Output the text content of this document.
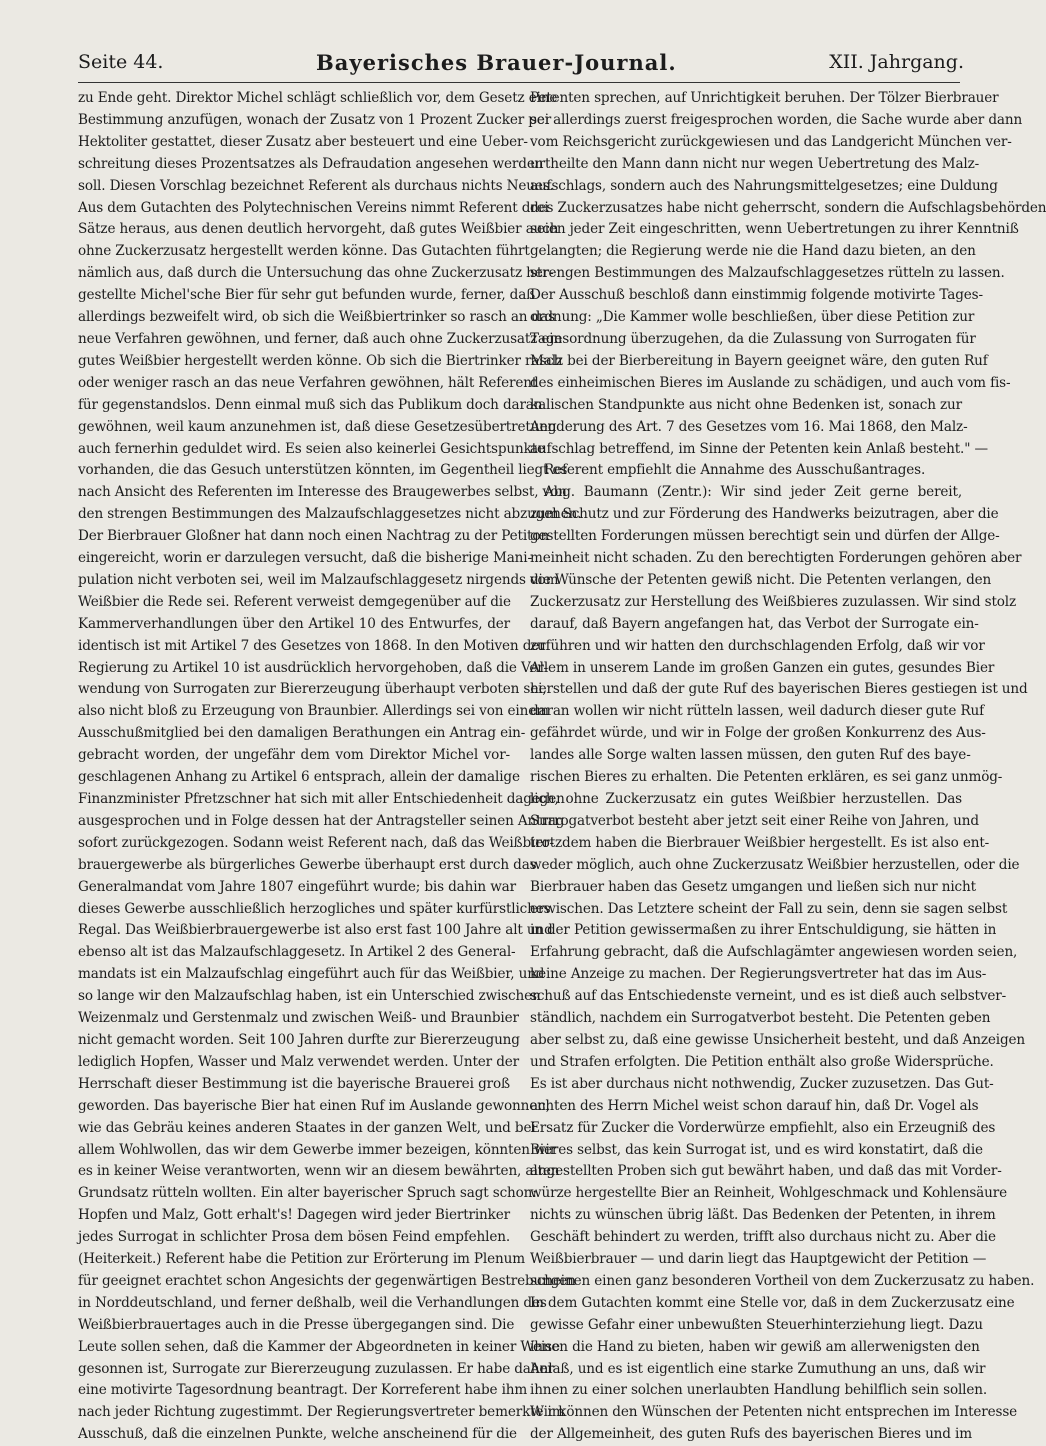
Seite 44.	Bayerisches Brauer-Journal.	XII. Jahrgang.
zu Ende geht. Direktor Michel schlägt schließlich vor, dem Gesetz eine
Bestimmung anzufügen, wonach der Zusatz von 1 Prozent Zucker per
Hektoliter gestattet, dieser Zusatz aber besteuert und eine Ueber-
schreitung dieses Prozentsatzes als Defraudation angesehen werden
soll. Diesen Vorschlag bezeichnet Referent als durchaus nichts Neues.
Aus dem Gutachten des Polytechnischen Vereins nimmt Referent drei
Sätze heraus, aus denen deutlich hervorgeht, daß gutes Weißbier auch
ohne Zuckerzusatz hergestellt werden könne. Das Gutachten führt
nämlich aus, daß durch die Untersuchung das ohne Zuckerzusatz her-
gestellte Michel'sche Bier für sehr gut befunden wurde, ferner, daß
allerdings bezweifelt wird, ob sich die Weißbiertrinker so rasch an das
neue Verfahren gewöhnen, und ferner, daß auch ohne Zuckerzusatz ein
gutes Weißbier hergestellt werden könne. Ob sich die Biertrinker rasch
oder weniger rasch an das neue Verfahren gewöhnen, hält Referent
für gegenstandslos. Denn einmal muß sich das Publikum doch daran
gewöhnen, weil kaum anzunehmen ist, daß diese Gesetzesübertretung
auch fernerhin geduldet wird. Es seien also keinerlei Gesichtspunkte
vorhanden, die das Gesuch unterstützen könnten, im Gegentheil liegt es
nach Ansicht des Referenten im Interesse des Braugewerbes selbst, von
den strengen Bestimmungen des Malzaufschlaggesetzes nicht abzugehen.
Der Bierbrauer Gloßner hat dann noch einen Nachtrag zu der Petiton
eingereicht, worin er darzulegen versucht, daß die bisherige Mani-
pulation nicht verboten sei, weil im Malzaufschlaggesetz nirgends vom
Weißbier die Rede sei. Referent verweist demgegenüber auf die
Kammerverhandlungen über den Artikel 10 des Entwurfes, der
identisch ist mit Artikel 7 des Gesetzes von 1868. In den Motiven der
Regierung zu Artikel 10 ist ausdrücklich hervorgehoben, daß die Ver-
wendung von Surrogaten zur Biererzeugung überhaupt verboten sei,
also nicht bloß zu Erzeugung von Braunbier. Allerdings sei von einem
Ausschußmitglied bei den damaligen Berathungen ein Antrag ein-
gebracht worden, der ungefähr dem vom Direktor Michel vor-
geschlagenen Anhang zu Artikel 6 entsprach, allein der damalige
Finanzminister Pfretzschner hat sich mit aller Entschiedenheit dagegen
ausgesprochen und in Folge dessen hat der Antragsteller seinen Antrag
sofort zurückgezogen. Sodann weist Referent nach, daß das Weißbier-
brauergewerbe als bürgerliches Gewerbe überhaupt erst durch das
Generalmandat vom Jahre 1807 eingeführt wurde; bis dahin war
dieses Gewerbe ausschließlich herzogliches und später kurfürstliches
Regal. Das Weißbierbrauergewerbe ist also erst fast 100 Jahre alt und
ebenso alt ist das Malzaufschlaggesetz. In Artikel 2 des General-
mandats ist ein Malzaufschlag eingeführt auch für das Weißbier, und
so lange wir den Malzaufschlag haben, ist ein Unterschied zwischen
Weizenmalz und Gerstenmalz und zwischen Weiß- und Braunbier
nicht gemacht worden. Seit 100 Jahren durfte zur Biererzeugung
lediglich Hopfen, Wasser und Malz verwendet werden. Unter der
Herrschaft dieser Bestimmung ist die bayerische Brauerei groß
geworden. Das bayerische Bier hat einen Ruf im Auslande gewonnen,
wie das Gebräu keines anderen Staates in der ganzen Welt, und bei
allem Wohlwollen, das wir dem Gewerbe immer bezeigen, könnten wir
es in keiner Weise verantworten, wenn wir an diesem bewährten, alten
Grundsatz rütteln wollten. Ein alter bayerischer Spruch sagt schon:
Hopfen und Malz, Gott erhalt's! Dagegen wird jeder Biertrinker
jedes Surrogat in schlichter Prosa dem bösen Feind empfehlen.
(Heiterkeit.) Referent habe die Petition zur Erörterung im Plenum
für geeignet erachtet schon Angesichts der gegenwärtigen Bestrebungen
in Norddeutschland, und ferner deßhalb, weil die Verhandlungen des
Weißbierbrauertages auch in die Presse übergegangen sind. Die
Leute sollen sehen, daß die Kammer der Abgeordneten in keiner Weise
gesonnen ist, Surrogate zur Biererzeugung zuzulassen. Er habe daher
eine motivirte Tagesordnung beantragt. Der Korreferent habe ihm
nach jeder Richtung zugestimmt. Der Regierungsvertreter bemerkte im
Ausschuß, daß die einzelnen Punkte, welche anscheinend für die
Petenten sprechen, auf Unrichtigkeit beruhen. Der Tölzer Bierbrauer
sei allerdings zuerst freigesprochen worden, die Sache wurde aber dann
vom Reichsgericht zurückgewiesen und das Landgericht München ver-
urtheilte den Mann dann nicht nur wegen Uebertretung des Malz-
aufschlags, sondern auch des Nahrungsmittelgesetzes; eine Duldung
des Zuckerzusatzes habe nicht geherrscht, sondern die Aufschlagsbehörden
seien jeder Zeit eingeschritten, wenn Uebertretungen zu ihrer Kenntniß
gelangten; die Regierung werde nie die Hand dazu bieten, an den
strengen Bestimmungen des Malzaufschlaggesetzes rütteln zu lassen.
Der Ausschuß beschloß dann einstimmig folgende motivirte Tages-
ordnung: „Die Kammer wolle beschließen, über diese Petition zur
Tagesordnung überzugehen, da die Zulassung von Surrogaten für
Malz bei der Bierbereitung in Bayern geeignet wäre, den guten Ruf
des einheimischen Bieres im Auslande zu schädigen, und auch vom fis-
kalischen Standpunkte aus nicht ohne Bedenken ist, sonach zur
Aenderung des Art. 7 des Gesetzes vom 16. Mai 1868, den Malz-
aufschlag betreffend, im Sinne der Petenten kein Anlaß besteht." —
Referent empfiehlt die Annahme des Ausschußantrages.
Abg. Baumann (Zentr.): Wir sind jeder Zeit gerne bereit,
zum Schutz und zur Förderung des Handwerks beizutragen, aber die
gestellten Forderungen müssen berechtigt sein und dürfen der Allge-
meinheit nicht schaden. Zu den berechtigten Forderungen gehören aber
die Wünsche der Petenten gewiß nicht. Die Petenten verlangen, den
Zuckerzusatz zur Herstellung des Weißbieres zuzulassen. Wir sind stolz
darauf, daß Bayern angefangen hat, das Verbot der Surrogate ein-
zuführen und wir hatten den durchschlagenden Erfolg, daß wir vor
Allem in unserem Lande im großen Ganzen ein gutes, gesundes Bier
herstellen und daß der gute Ruf des bayerischen Bieres gestiegen ist und
daran wollen wir nicht rütteln lassen, weil dadurch dieser gute Ruf
gefährdet würde, und wir in Folge der großen Konkurrenz des Aus-
landes alle Sorge walten lassen müssen, den guten Ruf des baye-
rischen Bieres zu erhalten. Die Petenten erklären, es sei ganz unmög-
lich, ohne Zuckerzusatz ein gutes Weißbier herzustellen. Das
Surrogatverbot besteht aber jetzt seit einer Reihe von Jahren, und
trotzdem haben die Bierbrauer Weißbier hergestellt. Es ist also ent-
weder möglich, auch ohne Zuckerzusatz Weißbier herzustellen, oder die
Bierbrauer haben das Gesetz umgangen und ließen sich nur nicht
erwischen. Das Letztere scheint der Fall zu sein, denn sie sagen selbst
in der Petition gewissermaßen zu ihrer Entschuldigung, sie hätten in
Erfahrung gebracht, daß die Aufschlagämter angewiesen worden seien,
keine Anzeige zu machen. Der Regierungsvertreter hat das im Aus-
schuß auf das Entschiedenste verneint, und es ist dieß auch selbstver-
ständlich, nachdem ein Surrogatverbot besteht. Die Petenten geben
aber selbst zu, daß eine gewisse Unsicherheit besteht, und daß Anzeigen
und Strafen erfolgten. Die Petition enthält also große Widersprüche.
Es ist aber durchaus nicht nothwendig, Zucker zuzusetzen. Das Gut-
achten des Herrn Michel weist schon darauf hin, daß Dr. Vogel als
Ersatz für Zucker die Vorderwürze empfiehlt, also ein Erzeugniß des
Bieres selbst, das kein Surrogat ist, und es wird konstatirt, daß die
angestellten Proben sich gut bewährt haben, und daß das mit Vorder-
würze hergestellte Bier an Reinheit, Wohlgeschmack und Kohlensäure
nichts zu wünschen übrig läßt. Das Bedenken der Petenten, in ihrem
Geschäft behindert zu werden, trifft also durchaus nicht zu. Aber die
Weißbierbrauer — und darin liegt das Hauptgewicht der Petition —
scheinen einen ganz besonderen Vortheil von dem Zuckerzusatz zu haben.
In dem Gutachten kommt eine Stelle vor, daß in dem Zuckerzusatz eine
gewisse Gefahr einer unbewußten Steuerhinterziehung liegt. Dazu
ihnen die Hand zu bieten, haben wir gewiß am allerwenigsten den
Anlaß, und es ist eigentlich eine starke Zumuthung an uns, daß wir
ihnen zu einer solchen unerlaubten Handlung behilflich sein sollen.
Wir können den Wünschen der Petenten nicht entsprechen im Interesse
der Allgemeinheit, des guten Rufs des bayerischen Bieres und im
